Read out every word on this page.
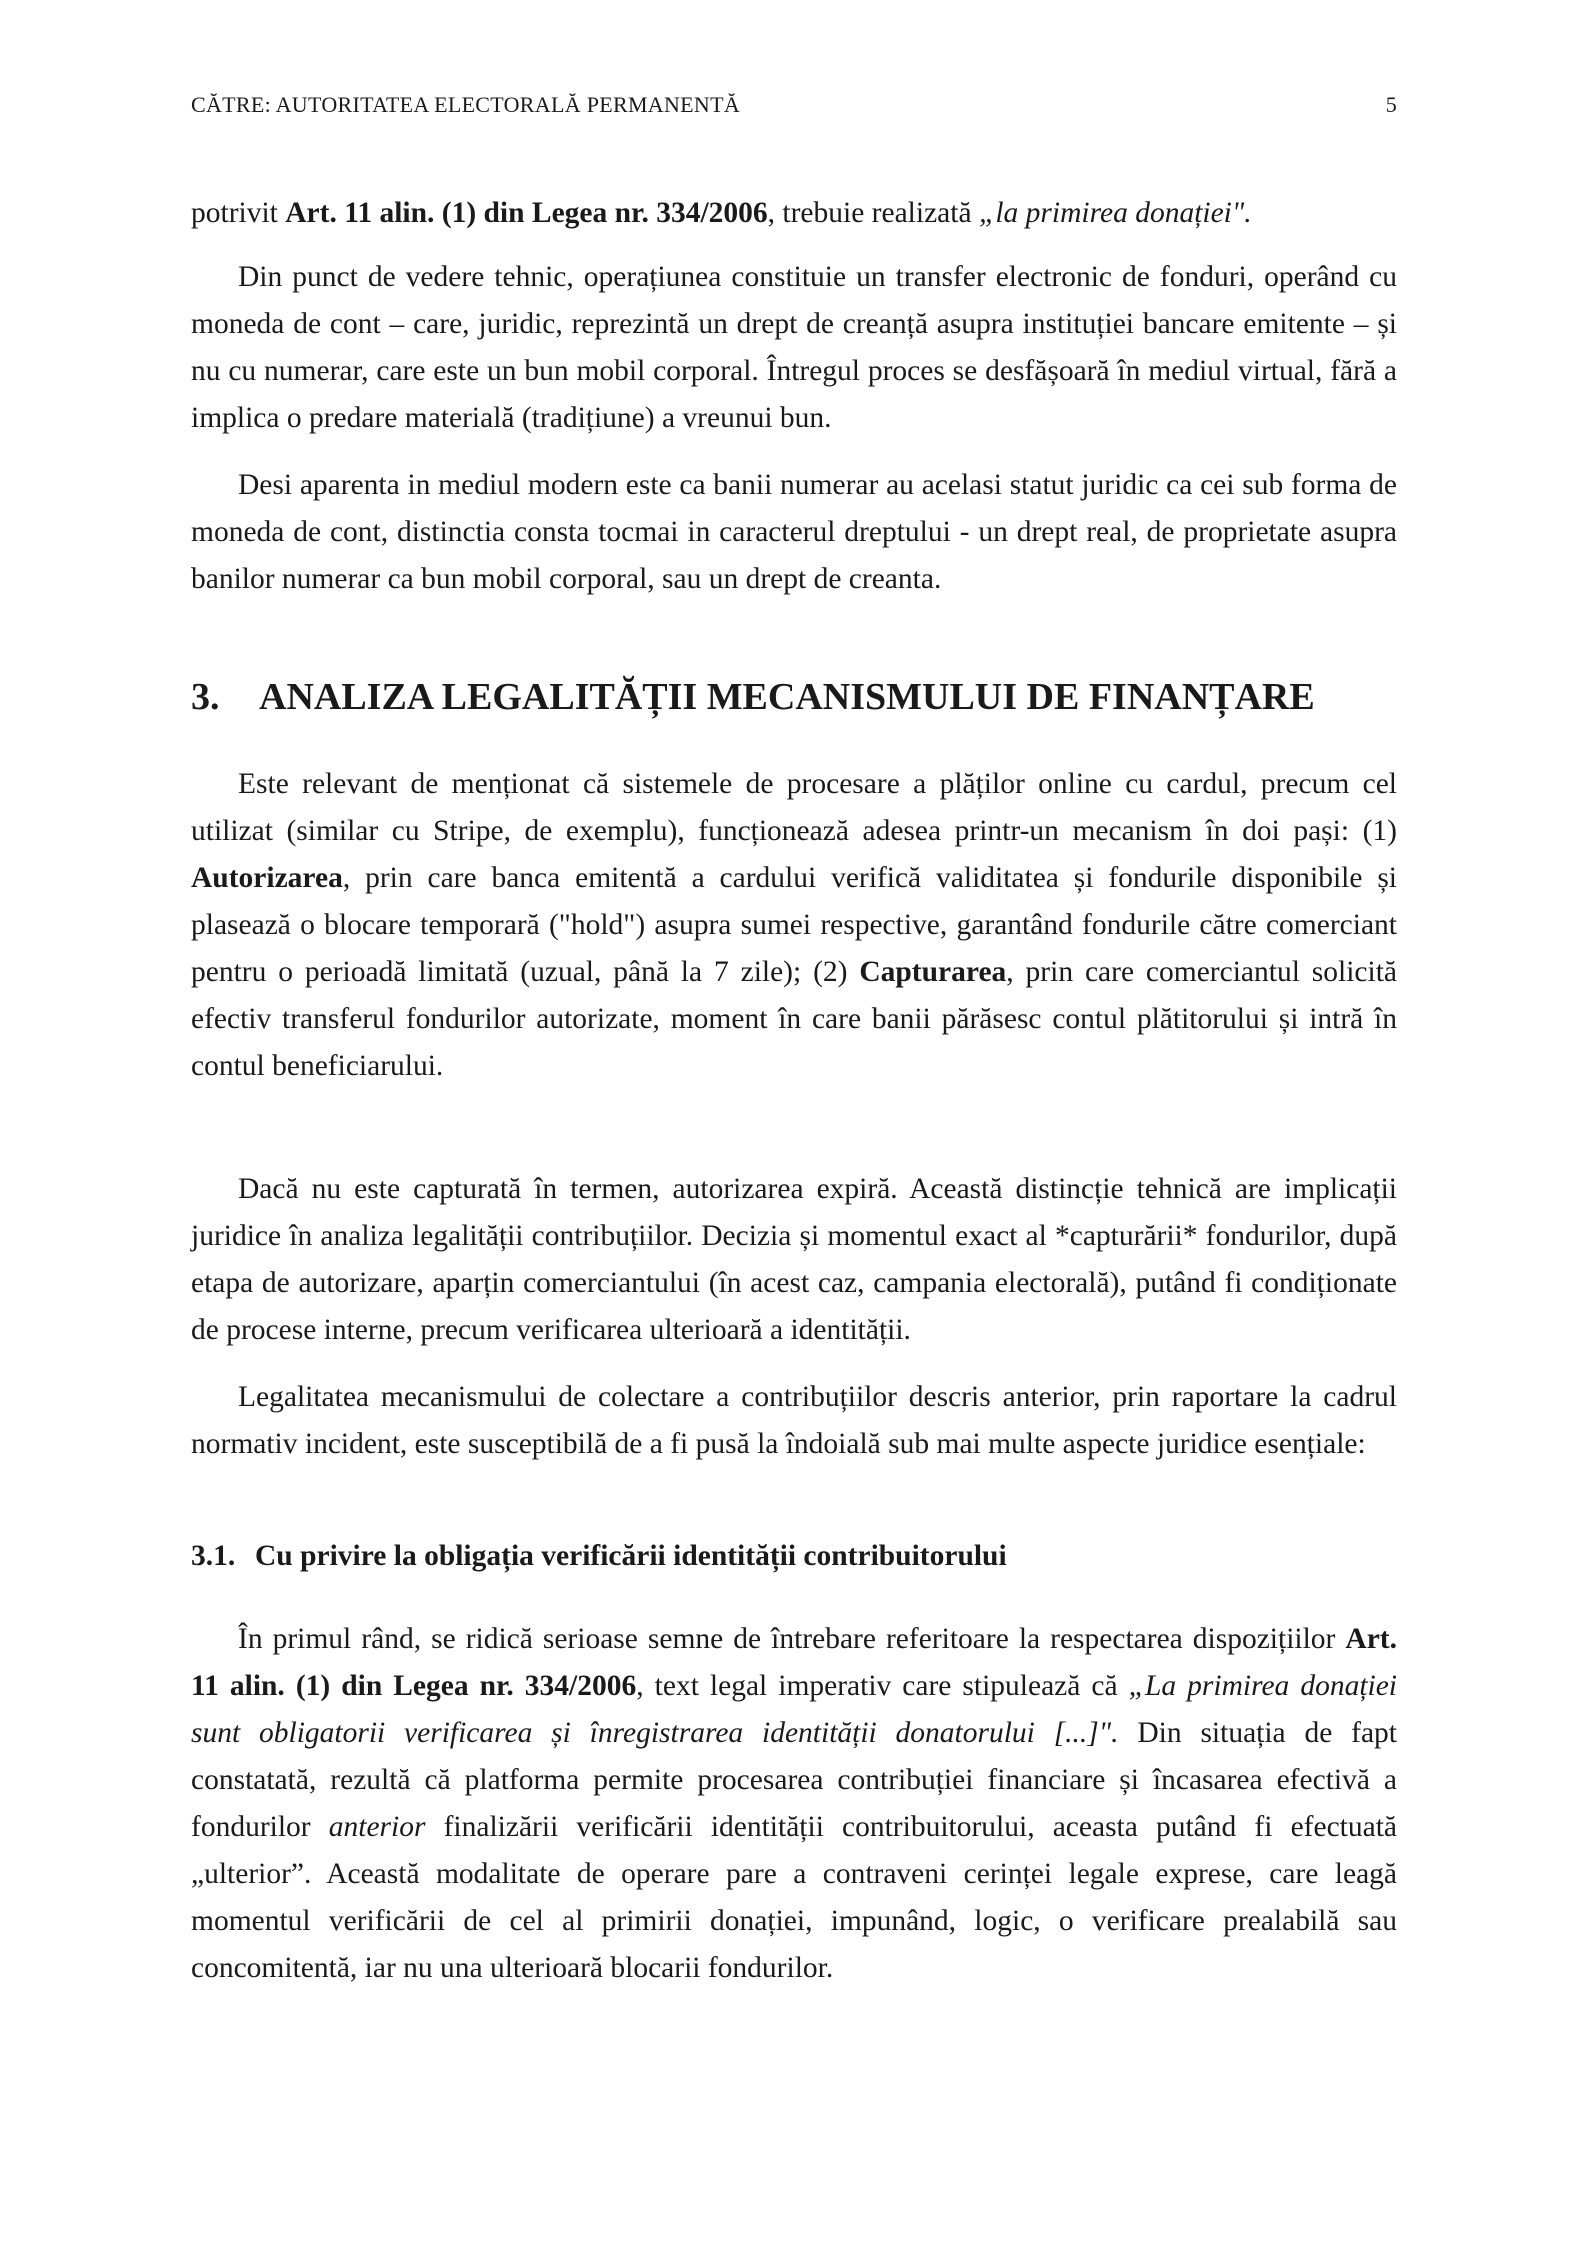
CĂTRE: AUTORITATEA ELECTORALĂ PERMANENTĂ	5

potrivit Art. 11 alin. (1) din Legea nr. 334/2006, trebuie realizată „la primirea donației".

Din punct de vedere tehnic, operațiunea constituie un transfer electronic de fonduri, operând cu moneda de cont – care, juridic, reprezintă un drept de creanță asupra instituției bancare emitente – și nu cu numerar, care este un bun mobil corporal. Întregul proces se desfășoară în mediul virtual, fără a implica o predare materială (tradițiune) a vreunui bun.

Desi aparenta in mediul modern este ca banii numerar au acelasi statut juridic ca cei sub forma de moneda de cont, distinctia consta tocmai in caracterul dreptului - un drept real, de proprietate asupra banilor numerar ca bun mobil corporal, sau un drept de creanta.

3. ANALIZA LEGALITĂȚII MECANISMULUI DE FINANȚARE

Este relevant de menționat că sistemele de procesare a plăților online cu cardul, precum cel utilizat (similar cu Stripe, de exemplu), funcționează adesea printr-un mecanism în doi pași: (1) Autorizarea, prin care banca emitentă a cardului verifică validitatea și fondurile disponibile și plasează o blocare temporară ("hold") asupra sumei respective, garantând fondurile către comerciant pentru o perioadă limitată (uzual, până la 7 zile); (2) Capturarea, prin care comerciantul solicită efectiv transferul fondurilor autorizate, moment în care banii părăsesc contul plătitorului și intră în contul beneficiarului.

Dacă nu este capturată în termen, autorizarea expiră. Această distincție tehnică are implicații juridice în analiza legalității contribuțiilor. Decizia și momentul exact al *capturării* fondurilor, după etapa de autorizare, aparțin comerciantului (în acest caz, campania electorală), putând fi condiționate de procese interne, precum verificarea ulterioară a identității.

Legalitatea mecanismului de colectare a contribuțiilor descris anterior, prin raportare la cadrul normativ incident, este susceptibilă de a fi pusă la îndoială sub mai multe aspecte juridice esențiale:

3.1. Cu privire la obligația verificării identității contribuitorului

În primul rând, se ridică serioase semne de întrebare referitoare la respectarea dispozițiilor Art. 11 alin. (1) din Legea nr. 334/2006, text legal imperativ care stipulează că „La primirea donației sunt obligatorii verificarea și înregistrarea identității donatorului [...]". Din situația de fapt constatată, rezultă că platforma permite procesarea contribuției financiare și încasarea efectivă a fondurilor anterior finalizării verificării identității contribuitorului, aceasta putând fi efectuată „ulterior”. Această modalitate de operare pare a contraveni cerinței legale exprese, care leagă momentul verificării de cel al primirii donației, impunând, logic, o verificare prealabilă sau concomitentă, iar nu una ulterioară blocarii fondurilor.
